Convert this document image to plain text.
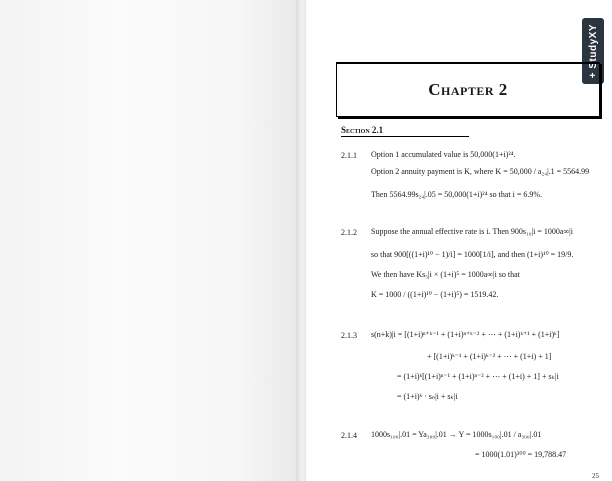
+ StudyXY
Chapter 2
Section 2.1
2.1.1 Option 1 accumulated value is 50,000(1+i)²⁴.
Option 2 annuity payment is K, where K = 50,000 / a₂₄|.1 = 5564.99
Then 5564.99s₂₄|.05 = 50,000(1+i)²⁴ so that i = 6.9%.
2.1.2 Suppose the annual effective rate is i. Then 900s₁₀|i = 1000a∞|i
so that 900[((1+i)¹⁰ − 1)/i] = 1000[1/i], and then (1+i)¹⁰ = 19/9.
We then have Ks₅|i × (1+i)⁵ = 1000a∞|i so that
K = 1000 / ((1+i)¹⁰ − (1+i)⁵) = 1519.42.
2.1.3 s(n+k)|i = [(1+i)ⁿ⁺ᵏ⁻¹ + (1+i)ⁿ⁺ᵏ⁻² + ⋯ + (1+i)ᵏ⁺¹ + (1+i)ᵏ]
+ [(1+i)ᵏ⁻¹ + (1+i)ᵏ⁻² + ⋯ + (1+i) + 1]
= (1+i)ᵏ[(1+i)ⁿ⁻¹ + (1+i)ⁿ⁻² + ⋯ + (1+i) + 1] + sₖ|i
= (1+i)ᵏ · sₙ|i + sₖ|i
2.1.4 1000s₁₀₀|.01 = Ya₃₀₀|.01 → Y = 1000s₁₀₀|.01 / a₃₀₀|.01
= 1000(1.01)³⁰⁰ = 19,788.47
25
